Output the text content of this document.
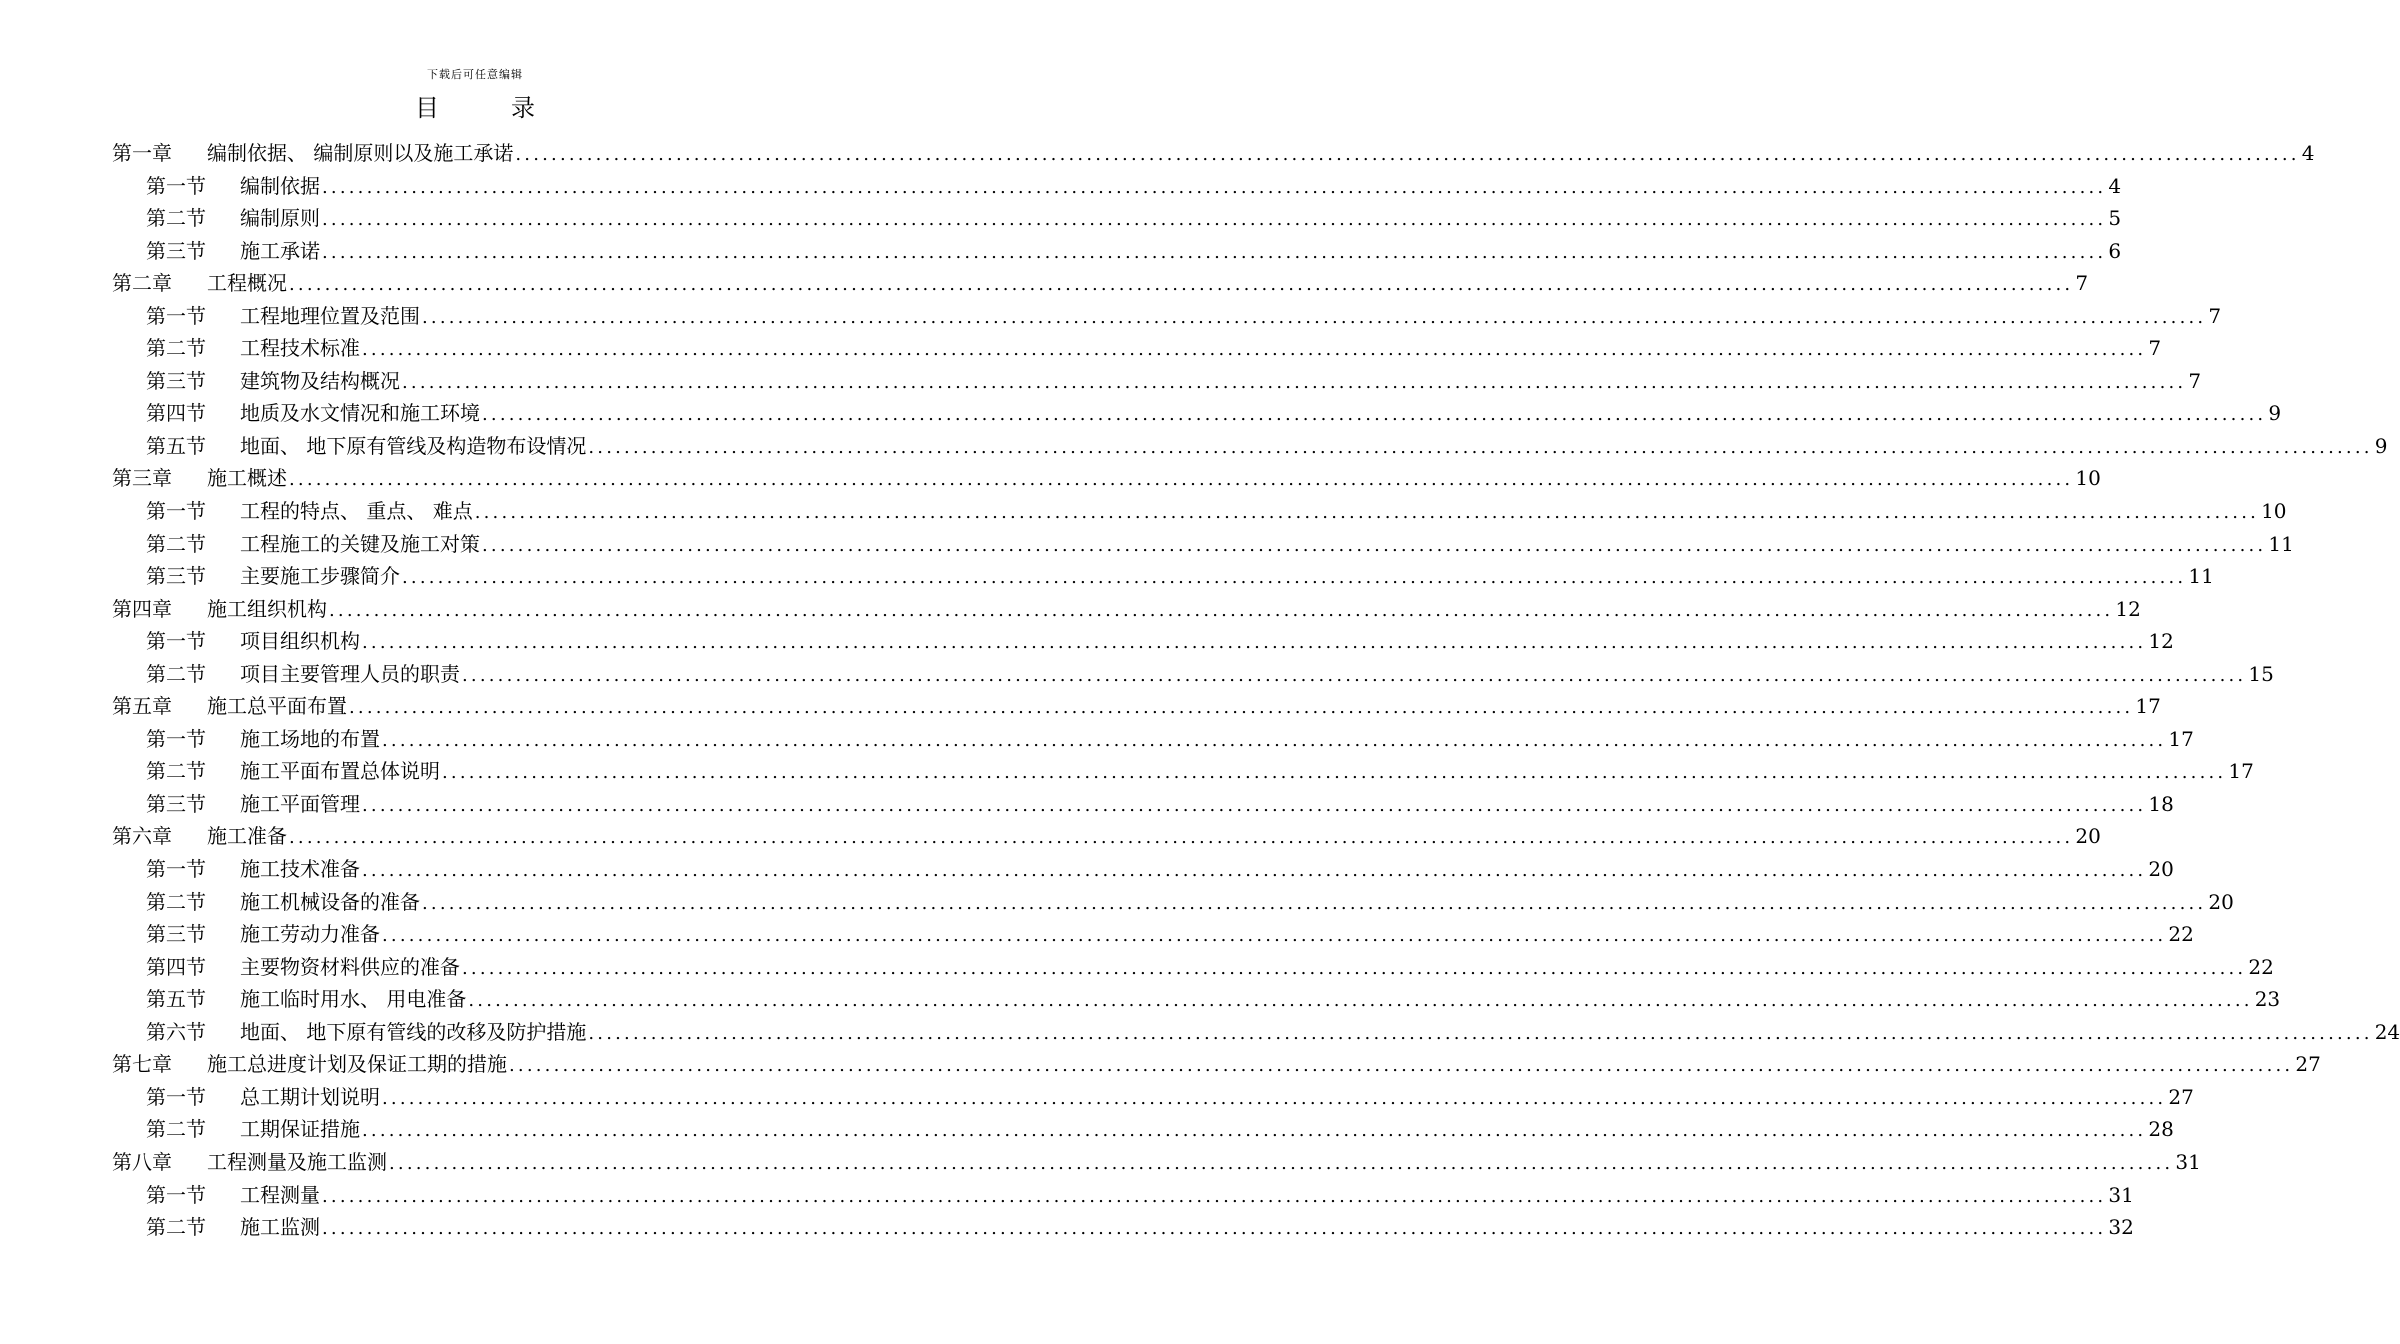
下载后可任意编辑
目	录
第一章	编制依据、 编制原则以及施工承诺 ........................................................................................................................................................................................................ 4
第一节	编制依据 ........................................................................................................................................................................................................ 4
第二节	编制原则 ........................................................................................................................................................................................................ 5
第三节	施工承诺 ........................................................................................................................................................................................................ 6
第二章	工程概况 ........................................................................................................................................................................................................ 7
第一节	工程地理位置及范围 ........................................................................................................................................................................................................ 7
第二节	工程技术标准 ........................................................................................................................................................................................................ 7
第三节	建筑物及结构概况 ........................................................................................................................................................................................................ 7
第四节	地质及水文情况和施工环境 ........................................................................................................................................................................................................ 9
第五节	地面、 地下原有管线及构造物布设情况 ........................................................................................................................................................................................................ 9
第三章	施工概述 ........................................................................................................................................................................................................ 10
第一节	工程的特点、 重点、 难点 ........................................................................................................................................................................................................ 10
第二节	工程施工的关键及施工对策 ........................................................................................................................................................................................................ 11
第三节	主要施工步骤简介 ........................................................................................................................................................................................................ 11
第四章	施工组织机构 ........................................................................................................................................................................................................ 12
第一节	项目组织机构 ........................................................................................................................................................................................................ 12
第二节	项目主要管理人员的职责 ........................................................................................................................................................................................................ 15
第五章	施工总平面布置 ........................................................................................................................................................................................................ 17
第一节	施工场地的布置 ........................................................................................................................................................................................................ 17
第二节	施工平面布置总体说明 ........................................................................................................................................................................................................ 17
第三节	施工平面管理 ........................................................................................................................................................................................................ 18
第六章	施工准备 ........................................................................................................................................................................................................ 20
第一节	施工技术准备 ........................................................................................................................................................................................................ 20
第二节	施工机械设备的准备 ........................................................................................................................................................................................................ 20
第三节	施工劳动力准备 ........................................................................................................................................................................................................ 22
第四节	主要物资材料供应的准备 ........................................................................................................................................................................................................ 22
第五节	施工临时用水、 用电准备 ........................................................................................................................................................................................................ 23
第六节	地面、 地下原有管线的改移及防护措施 ........................................................................................................................................................................................................ 24
第七章	施工总进度计划及保证工期的措施 ........................................................................................................................................................................................................ 27
第一节	总工期计划说明 ........................................................................................................................................................................................................ 27
第二节	工期保证措施 ........................................................................................................................................................................................................ 28
第八章	工程测量及施工监测 ........................................................................................................................................................................................................ 31
第一节	工程测量 ........................................................................................................................................................................................................ 31
第二节	施工监测 ........................................................................................................................................................................................................ 32
